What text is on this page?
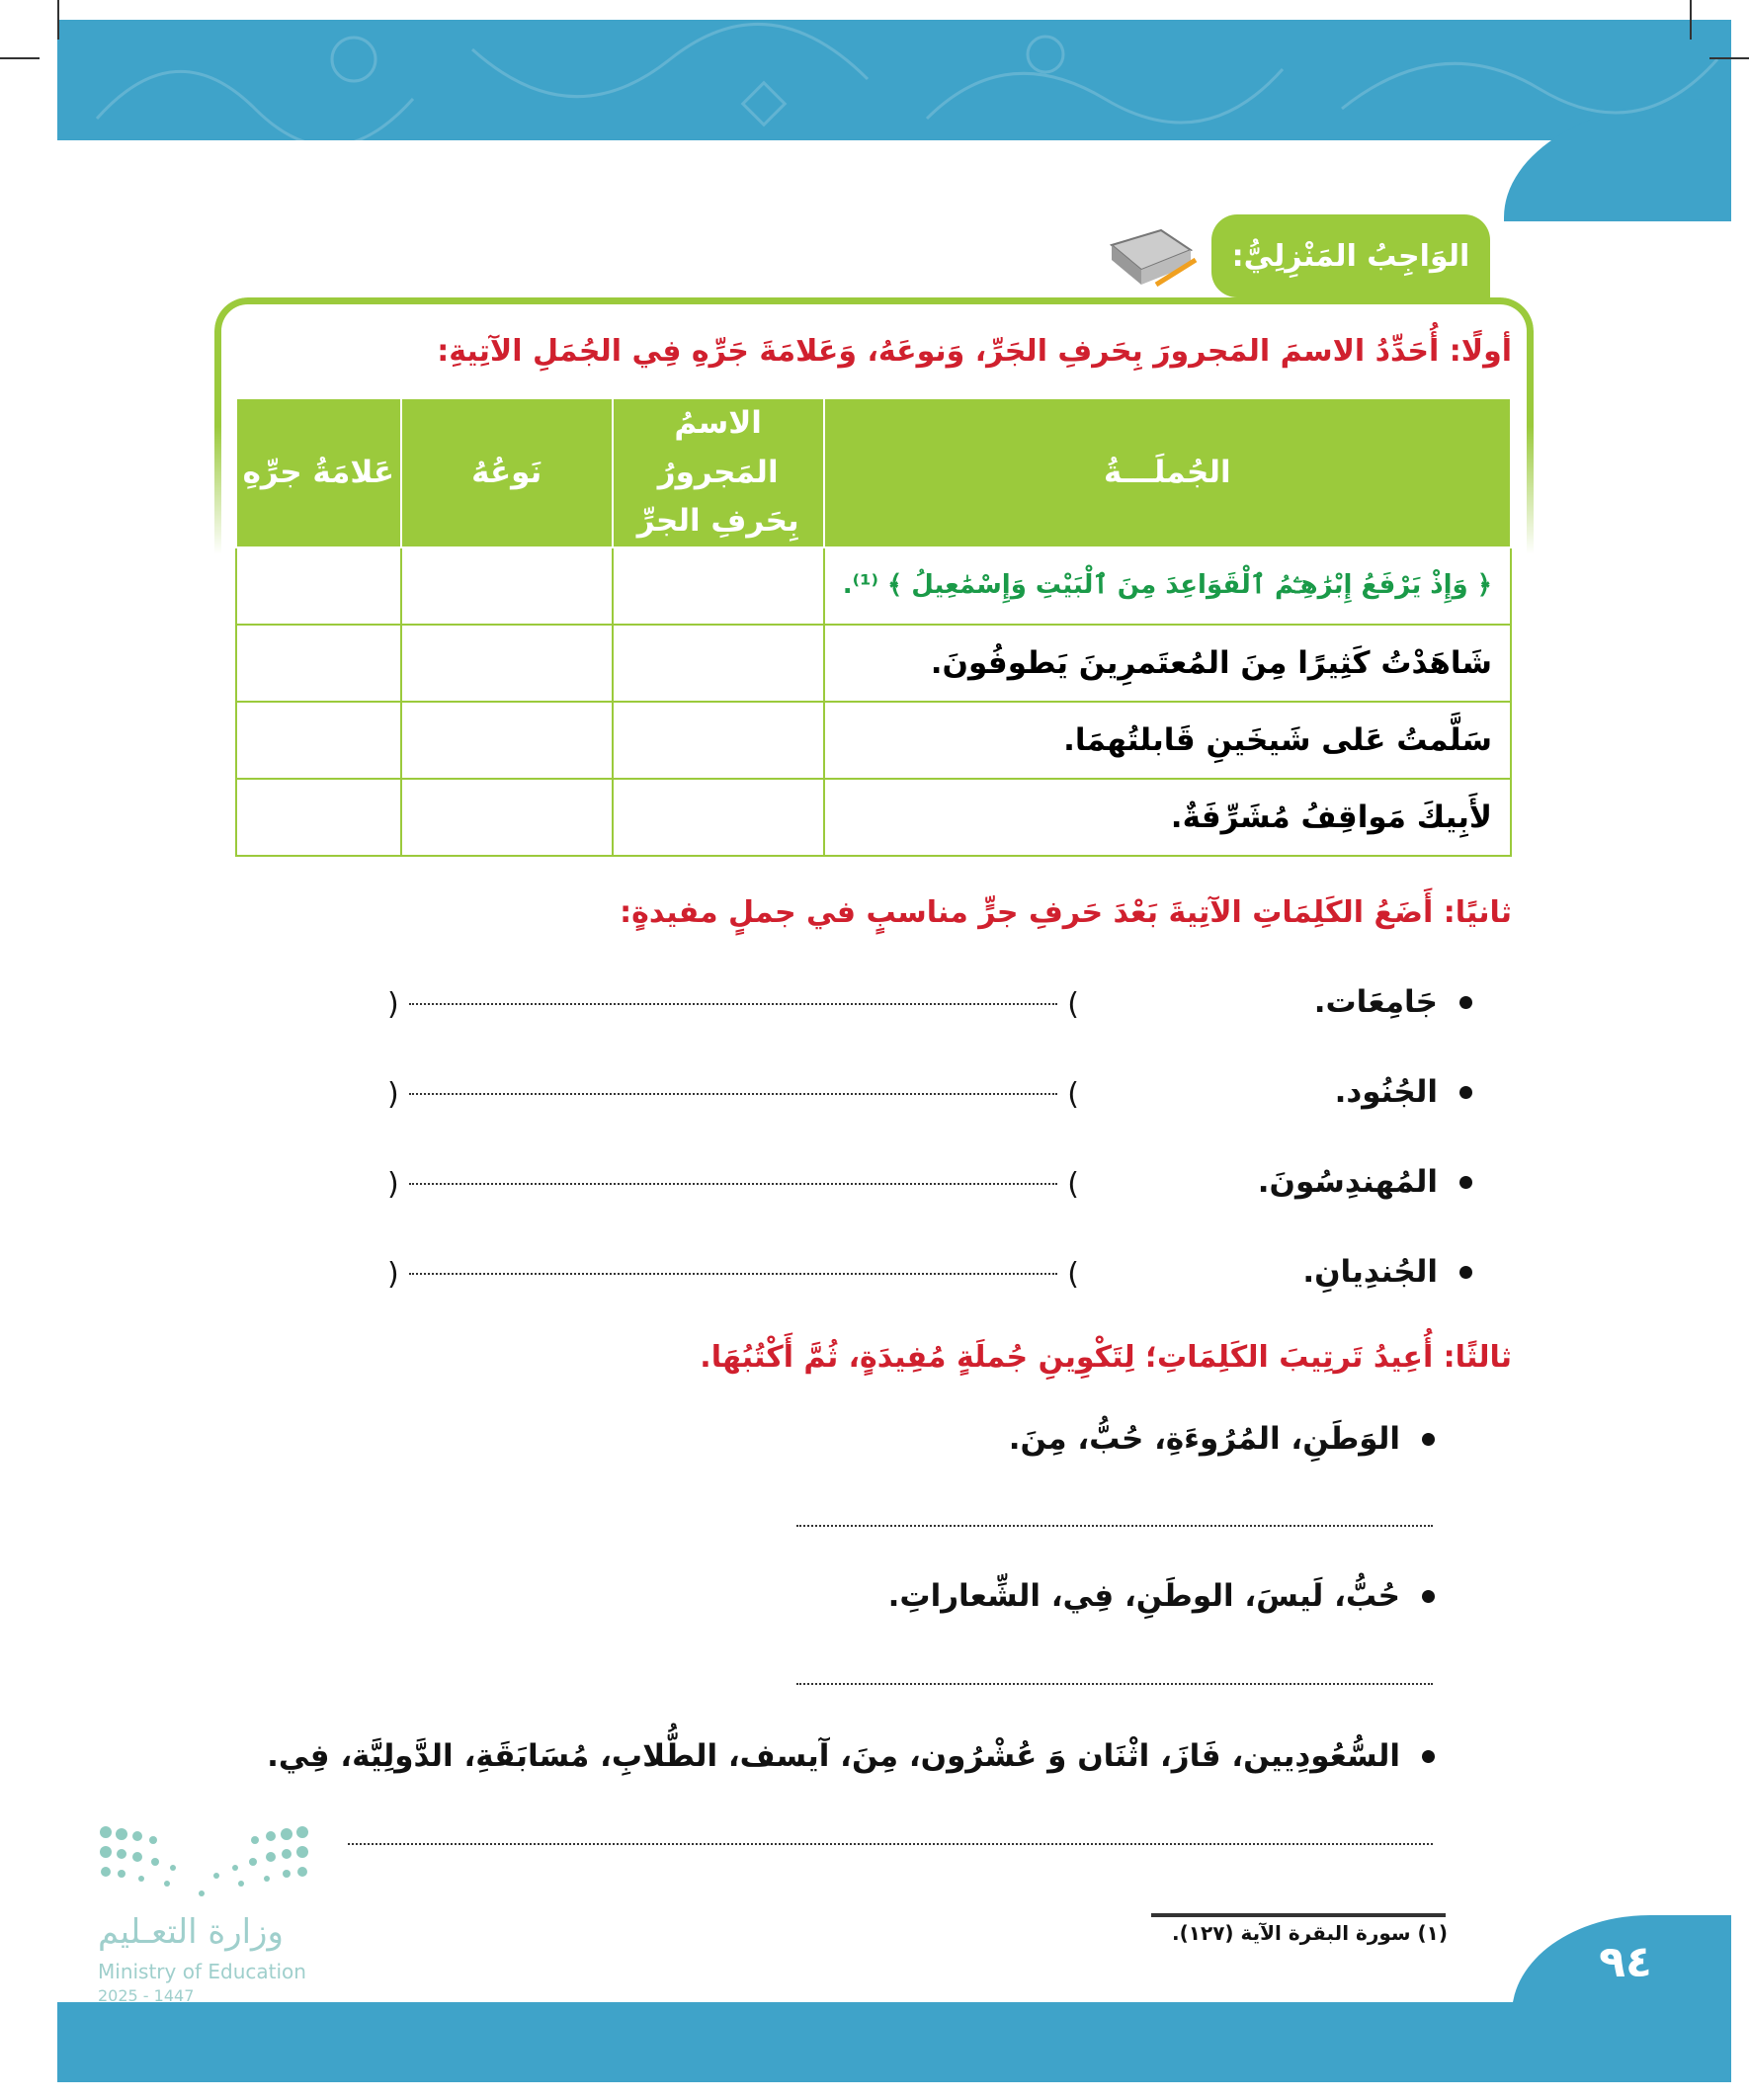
الوَاجِبُ المَنْزِلِيُّ:
أولًا: أُحَدِّدُ الاسمَ المَجرورَ بِحَرفِ الجَرِّ، وَنوعَهُ، وَعَلامَةَ جَرِّهِ فِي الجُمَلِ الآتِيةِ:
الجُملَـــةُ	الاسمُ المَجرورُ بِحَرفِ الجرِّ	نَوعُهُ	عَلامَةُ جرِّهِ
﴿ وَإِذْ يَرْفَعُ إِبْرَٰهِـۧمُ ٱلْقَوَاعِدَ مِنَ ٱلْبَيْتِ وَإِسْمَٰعِيلُ ﴾ ⁽¹⁾.			
شَاهَدْتُ كَثِيرًا مِنَ المُعتَمرِينَ يَطوفُونَ.			
سَلَّمتُ عَلى شَيخَينِ قَابلتُهمَا.			
لأَبِيكَ مَواقِفُ مُشَرِّفَةٌ.			
ثانيًا: أَضَعُ الكَلِمَاتِ الآتِيةَ بَعْدَ حَرفِ جرٍّ مناسبٍ في جملٍ مفيدةٍ:
جَامِعَات.
)	(
الجُنُود.
)	(
المُهندِسُونَ.
)	(
الجُندِيانِ.
)	(
ثالثًا: أُعِيدُ تَرتِيبَ الكَلِمَاتِ؛ لِتَكْوِينِ جُملَةٍ مُفِيدَةٍ، ثُمَّ أَكْتُبُهَا.
الوَطَنِ، المُرُوءَةِ، حُبُّ، مِنَ.
حُبُّ، لَيسَ، الوطَنِ، فِي، الشِّعاراتِ.
السُّعُودِيين، فَازَ، اثْنَان وَ عُشْرُون، مِنَ، آيسف، الطُّلابِ، مُسَابَقَةِ، الدَّولِيَّة، فِي.
(١) سورة البقرة الآية (١٢٧).
٩٤
وزارة التعـليم
Ministry of Education
2025 - 1447
